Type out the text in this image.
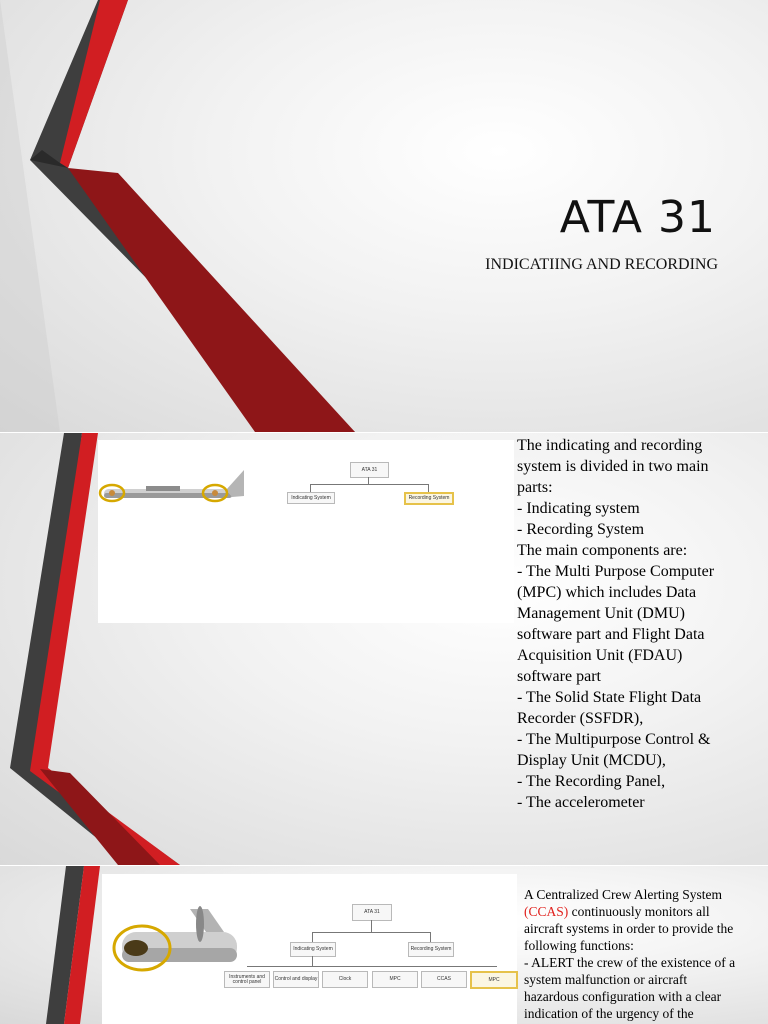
ATA 31
INDICATIING AND RECORDING
ATA 31
Indicating System	Recording System
The indicating and recording
system is divided in two main
parts:
- Indicating system
- Recording System
The main components are:
- The Multi Purpose Computer
(MPC) which includes Data
Management Unit (DMU)
software part and Flight Data
Acquisition Unit (FDAU)
software part
- The Solid State Flight Data
Recorder (SSFDR),
- The Multipurpose Control &
Display Unit (MCDU),
- The Recording Panel,
- The accelerometer
ATA 31
Indicating System	Recording System
Instruments and control panel	Control and display	Clock	MPC	CCAS	MPC
A Centralized Crew Alerting System
(CCAS) continuously monitors all
aircraft systems in order to provide the
following functions:
- ALERT the crew of the existence of a
system malfunction or aircraft
hazardous configuration with a clear
indication of the urgency of the
